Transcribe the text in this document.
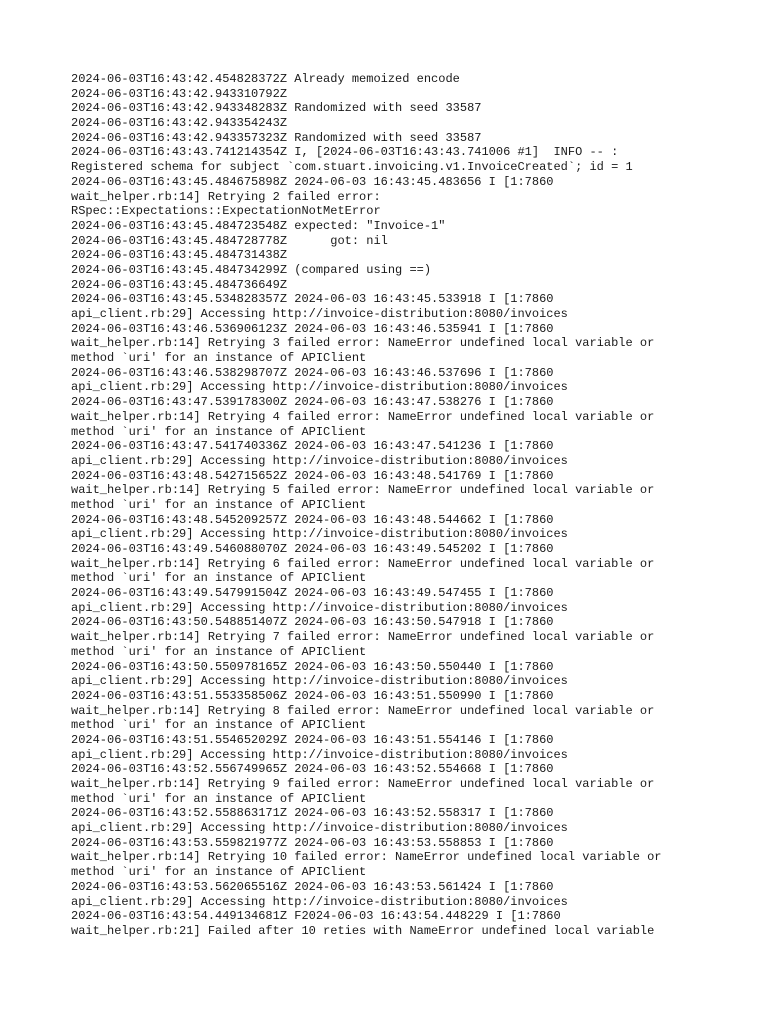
2024-06-03T16:43:42.454828372Z Already memoized encode
2024-06-03T16:43:42.943310792Z
2024-06-03T16:43:42.943348283Z Randomized with seed 33587
2024-06-03T16:43:42.943354243Z
2024-06-03T16:43:42.943357323Z Randomized with seed 33587
2024-06-03T16:43:43.741214354Z I, [2024-06-03T16:43:43.741006 #1]  INFO -- :
Registered schema for subject `com.stuart.invoicing.v1.InvoiceCreated`; id = 1
2024-06-03T16:43:45.484675898Z 2024-06-03 16:43:45.483656 I [1:7860
wait_helper.rb:14] Retrying 2 failed error:
RSpec::Expectations::ExpectationNotMetError
2024-06-03T16:43:45.484723548Z expected: "Invoice-1"
2024-06-03T16:43:45.484728778Z      got: nil
2024-06-03T16:43:45.484731438Z
2024-06-03T16:43:45.484734299Z (compared using ==)
2024-06-03T16:43:45.484736649Z
2024-06-03T16:43:45.534828357Z 2024-06-03 16:43:45.533918 I [1:7860
api_client.rb:29] Accessing http://invoice-distribution:8080/invoices
2024-06-03T16:43:46.536906123Z 2024-06-03 16:43:46.535941 I [1:7860
wait_helper.rb:14] Retrying 3 failed error: NameError undefined local variable or
method `uri' for an instance of APIClient
2024-06-03T16:43:46.538298707Z 2024-06-03 16:43:46.537696 I [1:7860
api_client.rb:29] Accessing http://invoice-distribution:8080/invoices
2024-06-03T16:43:47.539178300Z 2024-06-03 16:43:47.538276 I [1:7860
wait_helper.rb:14] Retrying 4 failed error: NameError undefined local variable or
method `uri' for an instance of APIClient
2024-06-03T16:43:47.541740336Z 2024-06-03 16:43:47.541236 I [1:7860
api_client.rb:29] Accessing http://invoice-distribution:8080/invoices
2024-06-03T16:43:48.542715652Z 2024-06-03 16:43:48.541769 I [1:7860
wait_helper.rb:14] Retrying 5 failed error: NameError undefined local variable or
method `uri' for an instance of APIClient
2024-06-03T16:43:48.545209257Z 2024-06-03 16:43:48.544662 I [1:7860
api_client.rb:29] Accessing http://invoice-distribution:8080/invoices
2024-06-03T16:43:49.546088070Z 2024-06-03 16:43:49.545202 I [1:7860
wait_helper.rb:14] Retrying 6 failed error: NameError undefined local variable or
method `uri' for an instance of APIClient
2024-06-03T16:43:49.547991504Z 2024-06-03 16:43:49.547455 I [1:7860
api_client.rb:29] Accessing http://invoice-distribution:8080/invoices
2024-06-03T16:43:50.548851407Z 2024-06-03 16:43:50.547918 I [1:7860
wait_helper.rb:14] Retrying 7 failed error: NameError undefined local variable or
method `uri' for an instance of APIClient
2024-06-03T16:43:50.550978165Z 2024-06-03 16:43:50.550440 I [1:7860
api_client.rb:29] Accessing http://invoice-distribution:8080/invoices
2024-06-03T16:43:51.553358506Z 2024-06-03 16:43:51.550990 I [1:7860
wait_helper.rb:14] Retrying 8 failed error: NameError undefined local variable or
method `uri' for an instance of APIClient
2024-06-03T16:43:51.554652029Z 2024-06-03 16:43:51.554146 I [1:7860
api_client.rb:29] Accessing http://invoice-distribution:8080/invoices
2024-06-03T16:43:52.556749965Z 2024-06-03 16:43:52.554668 I [1:7860
wait_helper.rb:14] Retrying 9 failed error: NameError undefined local variable or
method `uri' for an instance of APIClient
2024-06-03T16:43:52.558863171Z 2024-06-03 16:43:52.558317 I [1:7860
api_client.rb:29] Accessing http://invoice-distribution:8080/invoices
2024-06-03T16:43:53.559821977Z 2024-06-03 16:43:53.558853 I [1:7860
wait_helper.rb:14] Retrying 10 failed error: NameError undefined local variable or
method `uri' for an instance of APIClient
2024-06-03T16:43:53.562065516Z 2024-06-03 16:43:53.561424 I [1:7860
api_client.rb:29] Accessing http://invoice-distribution:8080/invoices
2024-06-03T16:43:54.449134681Z F2024-06-03 16:43:54.448229 I [1:7860
wait_helper.rb:21] Failed after 10 reties with NameError undefined local variable
